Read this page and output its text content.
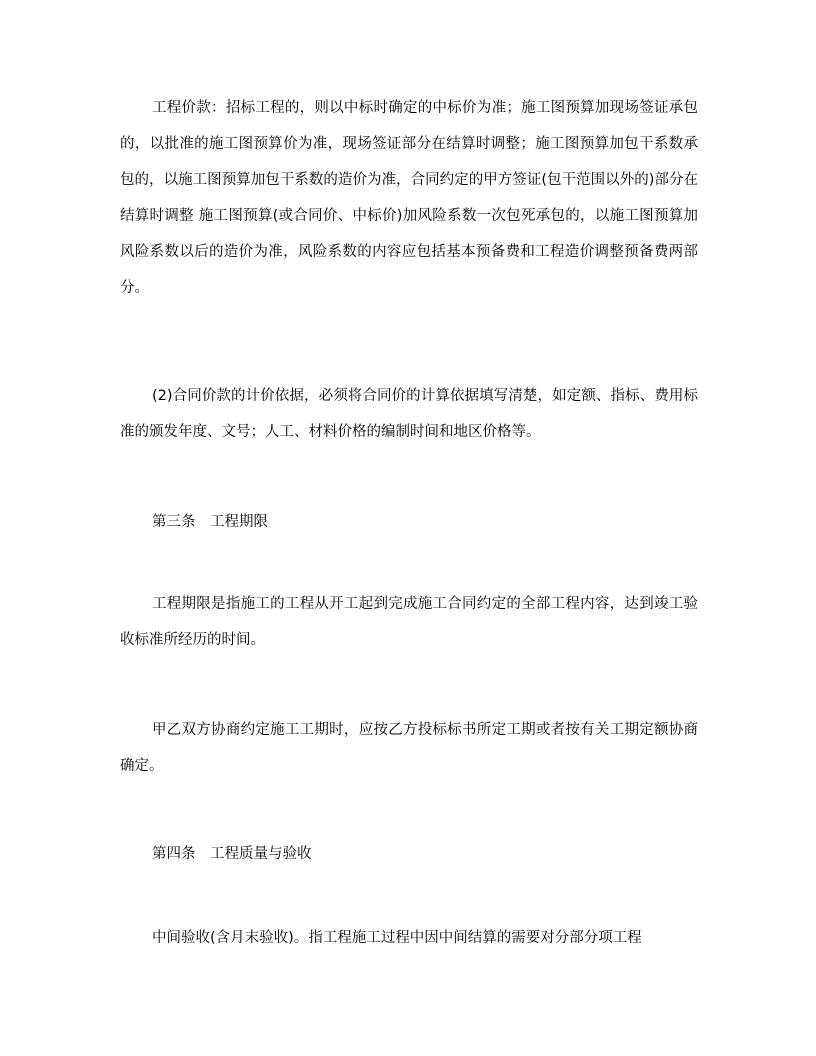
工程价款：招标工程的，则以中标时确定的中标价为准；施工图预算加现场签证承包的，以批准的施工图预算价为准，现场签证部分在结算时调整；施工图预算加包干系数承包的，以施工图预算加包干系数的造价为准，合同约定的甲方签证(包干范围以外的)部分在结算时调整 施工图预算(或合同价、中标价)加风险系数一次包死承包的，以施工图预算加风险系数以后的造价为准，风险系数的内容应包括基本预备费和工程造价调整预备费两部分。

(2)合同价款的计价依据，必须将合同价的计算依据填写清楚，如定额、指标、费用标准的颁发年度、文号；人工、材料价格的编制时间和地区价格等。

第三条　工程期限

工程期限是指施工的工程从开工起到完成施工合同约定的全部工程内容，达到竣工验收标准所经历的时间。

甲乙双方协商约定施工工期时，应按乙方投标标书所定工期或者按有关工期定额协商确定。

第四条　工程质量与验收

中间验收(含月末验收)。指工程施工过程中因中间结算的需要对分部分项工程
